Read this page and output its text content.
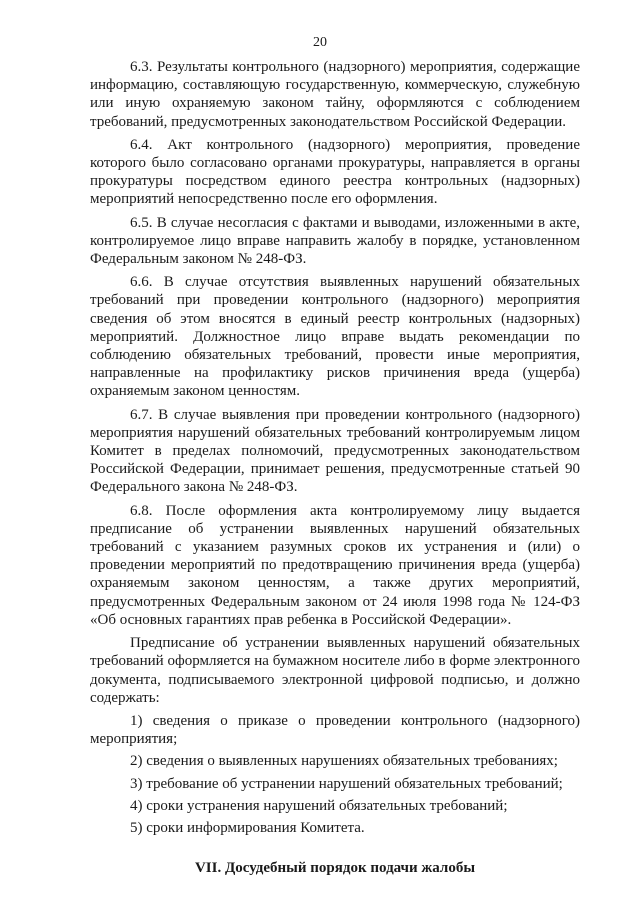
20

6.3. Результаты контрольного (надзорного) мероприятия, содержащие информацию, составляющую государственную, коммерческую, служебную или иную охраняемую законом тайну, оформляются с соблюдением требований, предусмотренных законодательством Российской Федерации.

6.4. Акт контрольного (надзорного) мероприятия, проведение которого было согласовано органами прокуратуры, направляется в органы прокуратуры посредством единого реестра контрольных (надзорных) мероприятий непосредственно после его оформления.

6.5. В случае несогласия с фактами и выводами, изложенными в акте, контролируемое лицо вправе направить жалобу в порядке, установленном Федеральным законом № 248-ФЗ.

6.6. В случае отсутствия выявленных нарушений обязательных требований при проведении контрольного (надзорного) мероприятия сведения об этом вносятся в единый реестр контрольных (надзорных) мероприятий. Должностное лицо вправе выдать рекомендации по соблюдению обязательных требований, провести иные мероприятия, направленные на профилактику рисков причинения вреда (ущерба) охраняемым законом ценностям.

6.7. В случае выявления при проведении контрольного (надзорного) мероприятия нарушений обязательных требований контролируемым лицом Комитет в пределах полномочий, предусмотренных законодательством Российской Федерации, принимает решения, предусмотренные статьей 90 Федерального закона № 248-ФЗ.

6.8. После оформления акта контролируемому лицу выдается предписание об устранении выявленных нарушений обязательных требований с указанием разумных сроков их устранения и (или) о проведении мероприятий по предотвращению причинения вреда (ущерба) охраняемым законом ценностям, а также других мероприятий, предусмотренных Федеральным законом от 24 июля 1998 года № 124-ФЗ «Об основных гарантиях прав ребенка в Российской Федерации».

Предписание об устранении выявленных нарушений обязательных требований оформляется на бумажном носителе либо в форме электронного документа, подписываемого электронной цифровой подписью, и должно содержать:

1) сведения о приказе о проведении контрольного (надзорного) мероприятия;

2) сведения о выявленных нарушениях обязательных требованиях;

3) требование об устранении нарушений обязательных требований;

4) сроки устранения нарушений обязательных требований;

5) сроки информирования Комитета.

VII. Досудебный порядок подачи жалобы
